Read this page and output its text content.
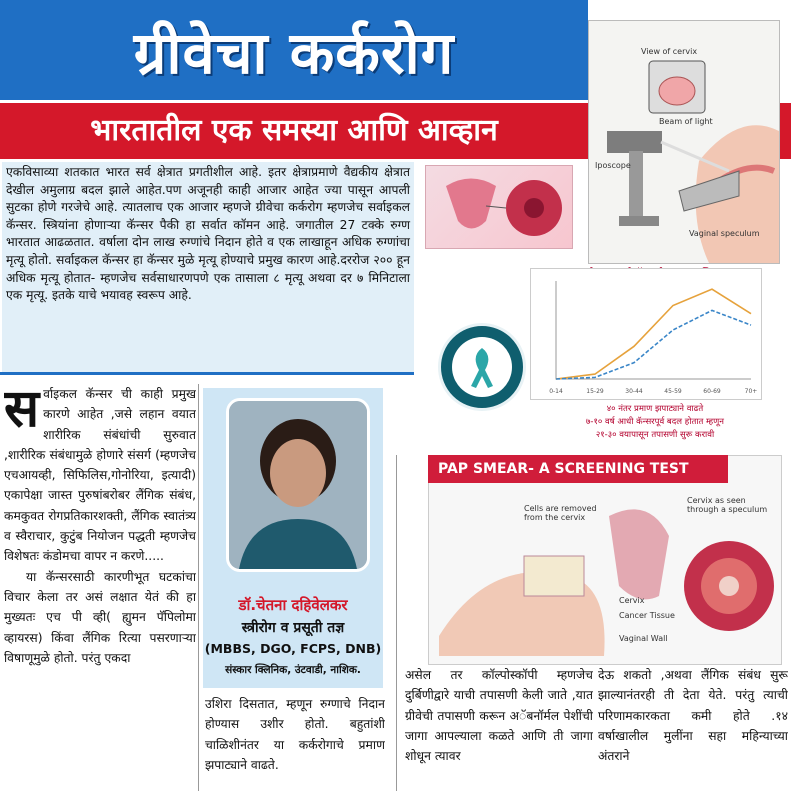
ग्रीवेचा कर्करोग
भारतातील एक समस्या आणि आव्हान
एकविसाव्या शतकात भारत सर्व क्षेत्रात प्रगतीशील आहे. इतर क्षेत्राप्रमाणे वैद्यकीय क्षेत्रात देखील अमुलाग्र बदल झाले आहेत.पण अजूनही काही आजार आहेत ज्या पासून आपली सुटका होणे गरजेचे आहे. त्यातलाच एक आजार म्हणजे ग्रीवेचा कर्करोग म्हणजेच सर्वाइकल कॅन्सर. स्त्रियांना होणाऱ्या कॅन्सर पैकी हा सर्वात कॉमन आहे. जगातील 27 टक्के रुग्ण भारतात आढळतात. वर्षाला दोन लाख रुग्णांचे निदान होते व एक लाखाहून अधिक रुग्णांचा मृत्यू होतो. सर्वाइकल कॅन्सर हा कॅन्सर मुळे मृत्यू होण्याचे प्रमुख कारण आहे.दररोज २०० हून अधिक मृत्यू होतात- म्हणजेच सर्वसाधारणपणे एक तासाला ८ मृत्यू अथवा दर ७ मिनिटाला एक मृत्यू. इतके याचे भयावह स्वरूप आहे.
View of cervix
Beam of light
Iposcope
Vaginal speculum
0-14	15-29	30-44	45-59	60-69	70+
४० नंतर प्रमाण झपाट्याने वाढते
७-१० वर्ष आधी कॅन्सरपूर्व बदल होतात म्हणून
२१-३० वयापासून तपासणी सुरू करावी
Cells are removed from the cervix
Cervix as seen through a speculum
Cervix
Cancer Tissue
Vaginal Wall
PAP SMEAR- A SCREENING TEST
डॉ.चेतना दहिवेलकर
स्त्रीरोग व प्रसूती तज्ञ
(MBBS, DGO, FCPS, DNB)
संस्कार क्लिनिक, उंटवाडी, नाशिक.
स र्वाइकल कॅन्सर ची काही प्रमुख कारणे आहेत ,जसे लहान वयात शारीरिक संबंधांची सुरुवात ,शारीरिक संबंधामुळे होणारे संसर्ग (म्हणजेच एचआयव्ही, सिफिलिस,गोनोरिया, इत्यादी) एकापेक्षा जास्त पुरुषांबरोबर लैंगिक संबंध, कमकुवत रोगप्रतिकारशक्ती, लैंगिक स्वातंत्र्य व स्वैराचार, कुटुंब नियोजन पद्धती म्हणजेच विशेषतः कंडोमचा वापर न करणे.....
या कॅन्सरसाठी कारणीभूत घटकांचा विचार केला तर असं लक्षात येतं की हा मुख्यतः एच पी व्ही( ह्युमन पॅपिलोमा व्हायरस) किंवा लैंगिक रित्या पसरणाऱ्या विषाणूमुळे होतो. परंतु एकदा
उशिरा दिसतात, म्हणून रुग्णाचे निदान होण्यास उशीर होतो. बहुतांशी चाळिशीनंतर या कर्करोगाचे प्रमाण झपाट्याने वाढते.
असेल तर कॉल्पोस्कॉपी म्हणजेच दुर्बिणीद्वारे याची तपासणी केली जाते ,यात ग्रीवेची तपासणी करून अॅबनॉर्मल पेशींची जागा आपल्याला कळते आणि ती जागा शोधून त्यावर
देऊ शकतो ,अथवा लैंगिक संबंध सुरू झाल्यानंतरही ती देता येते. परंतु त्याची परिणामकारकता कमी होते .१४ वर्षाखालील मुलींना सहा महिन्याच्या अंतराने
